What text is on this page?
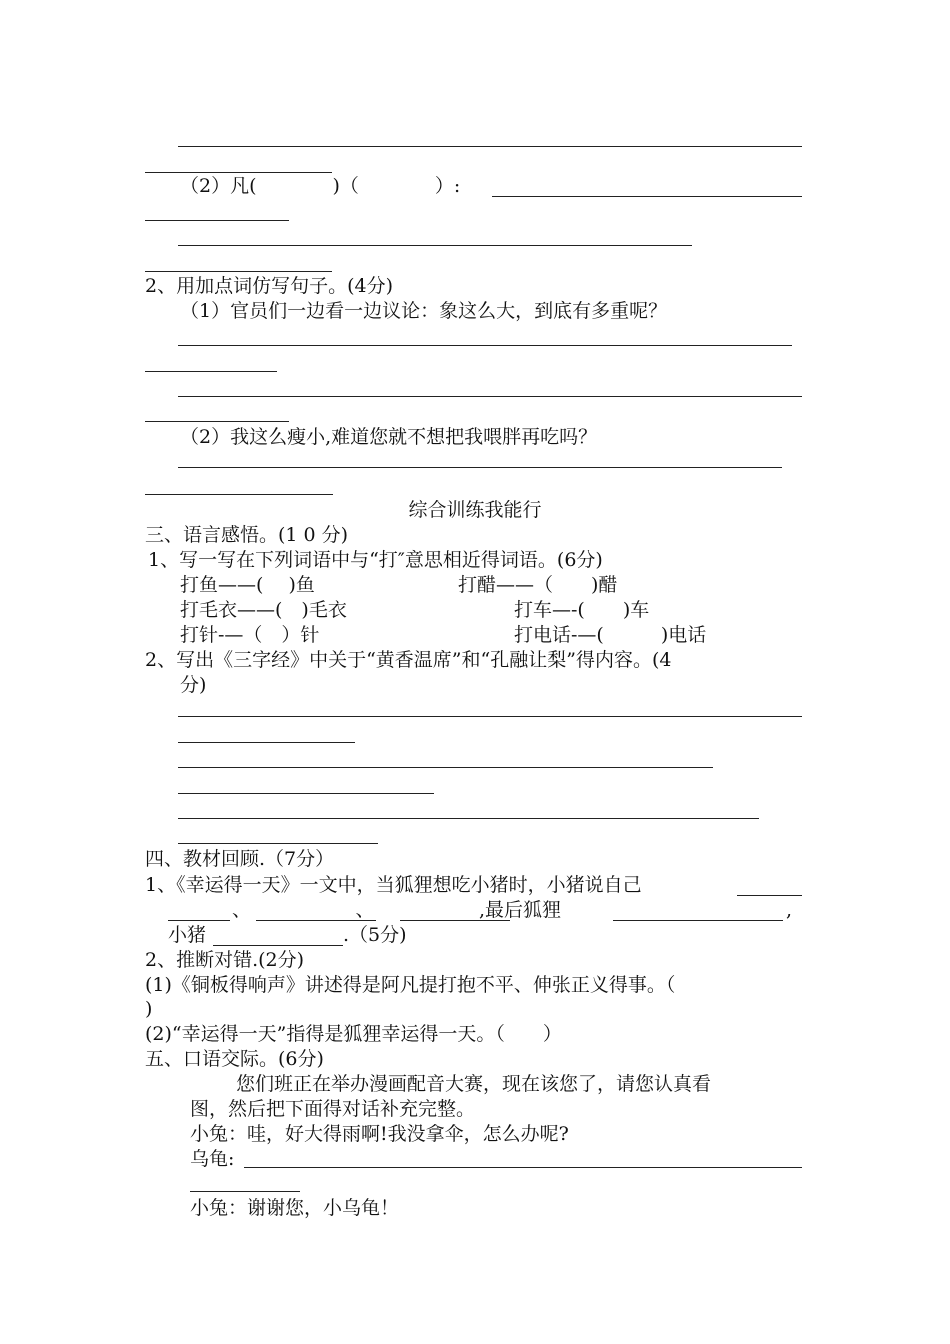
（2）凡(　　　　)（　　　　）:
2、用加点词仿写句子。(4分)
（1）官员们一边看一边议论：象这么大，到底有多重呢？
（2）我这么瘦小,难道您就不想把我喂胖再吃吗？
综合训练我能行
三、语言感悟。(1 0 分)
1、写一写在下列词语中与“打″意思相近得词语。(6分)
打鱼——(　 )鱼	打醋——（　　)醋
打毛衣——(　)毛衣	打车—-(　　)车
打针-—（　）针	打电话-—(　　　)电话
2、写出《三字经》中关于“黄香温席”和“孔融让梨”得内容。(4
分)
四、教材回顾.（7分）
1、《幸运得一天》一文中，当狐狸想吃小猪时，小猪说自己
、　　　　　　、　　　　　　,最后狐狸	,
小猪	.（5分)
2、推断对错.(2分)
(1)《铜板得响声》讲述得是阿凡提打抱不平、伸张正义得事。（
)
(2)“幸运得一天”指得是狐狸幸运得一天。（　　）
五、口语交际。(6分)
您们班正在举办漫画配音大赛，现在该您了，请您认真看
图，然后把下面得对话补充完整。
小兔：哇，好大得雨啊!我没拿伞，怎么办呢?
乌龟:
小兔：谢谢您，小乌龟！
